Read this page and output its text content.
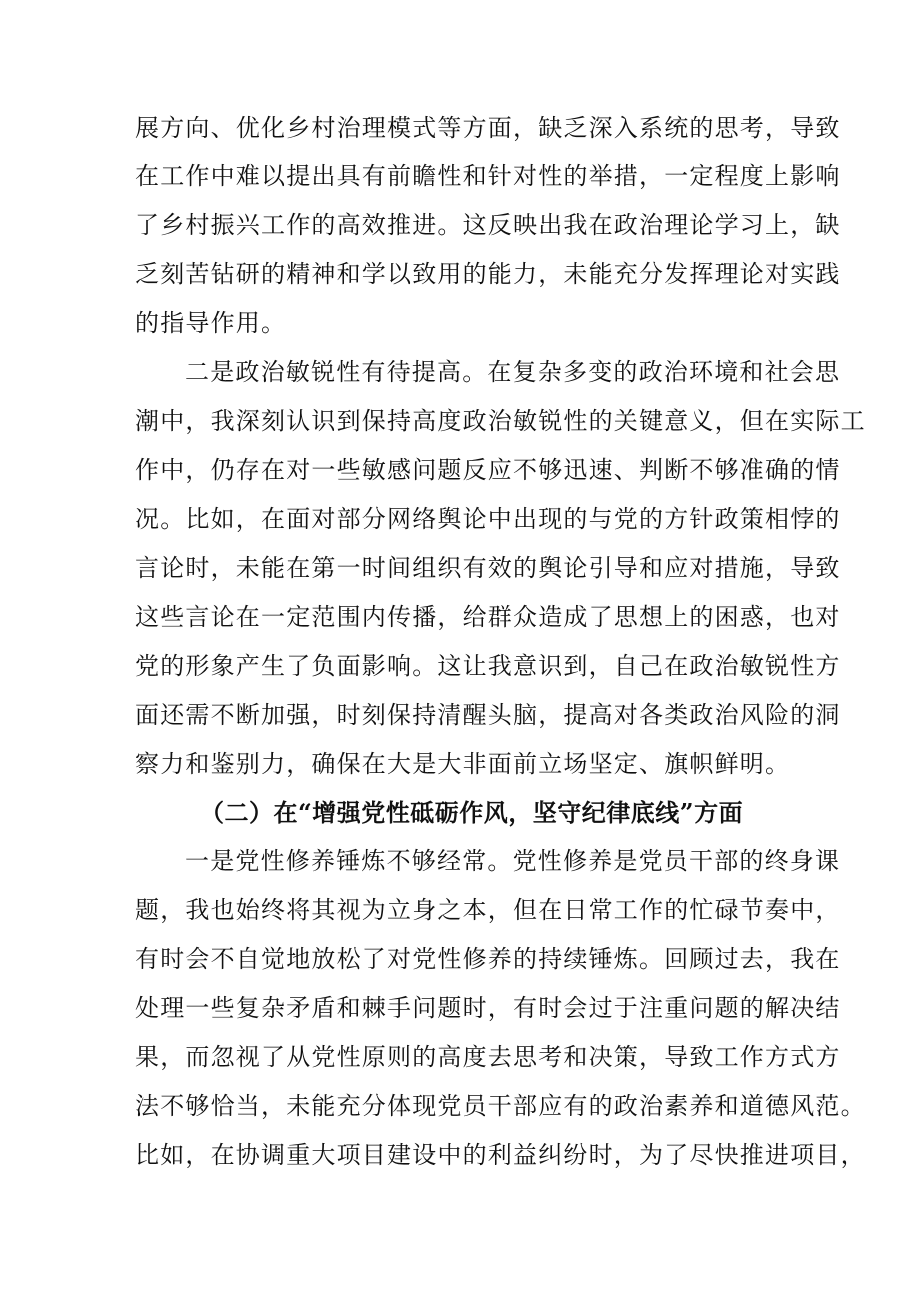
展方向、优化乡村治理模式等方面，缺乏深入系统的思考，导致
在工作中难以提出具有前瞻性和针对性的举措，一定程度上影响
了乡村振兴工作的高效推进。这反映出我在政治理论学习上，缺
乏刻苦钻研的精神和学以致用的能力，未能充分发挥理论对实践
的指导作用。
二是政治敏锐性有待提高。在复杂多变的政治环境和社会思
潮中，我深刻认识到保持高度政治敏锐性的关键意义，但在实际工
作中，仍存在对一些敏感问题反应不够迅速、判断不够准确的情
况。比如，在面对部分网络舆论中出现的与党的方针政策相悖的
言论时，未能在第一时间组织有效的舆论引导和应对措施，导致
这些言论在一定范围内传播，给群众造成了思想上的困惑，也对
党的形象产生了负面影响。这让我意识到，自己在政治敏锐性方
面还需不断加强，时刻保持清醒头脑，提高对各类政治风险的洞
察力和鉴别力，确保在大是大非面前立场坚定、旗帜鲜明。
（二）在“增强党性砥砺作风，坚守纪律底线”方面
一是党性修养锤炼不够经常。党性修养是党员干部的终身课
题，我也始终将其视为立身之本，但在日常工作的忙碌节奏中，
有时会不自觉地放松了对党性修养的持续锤炼。回顾过去，我在
处理一些复杂矛盾和棘手问题时，有时会过于注重问题的解决结
果，而忽视了从党性原则的高度去思考和决策，导致工作方式方
法不够恰当，未能充分体现党员干部应有的政治素养和道德风范。
比如，在协调重大项目建设中的利益纠纷时，为了尽快推进项目，
